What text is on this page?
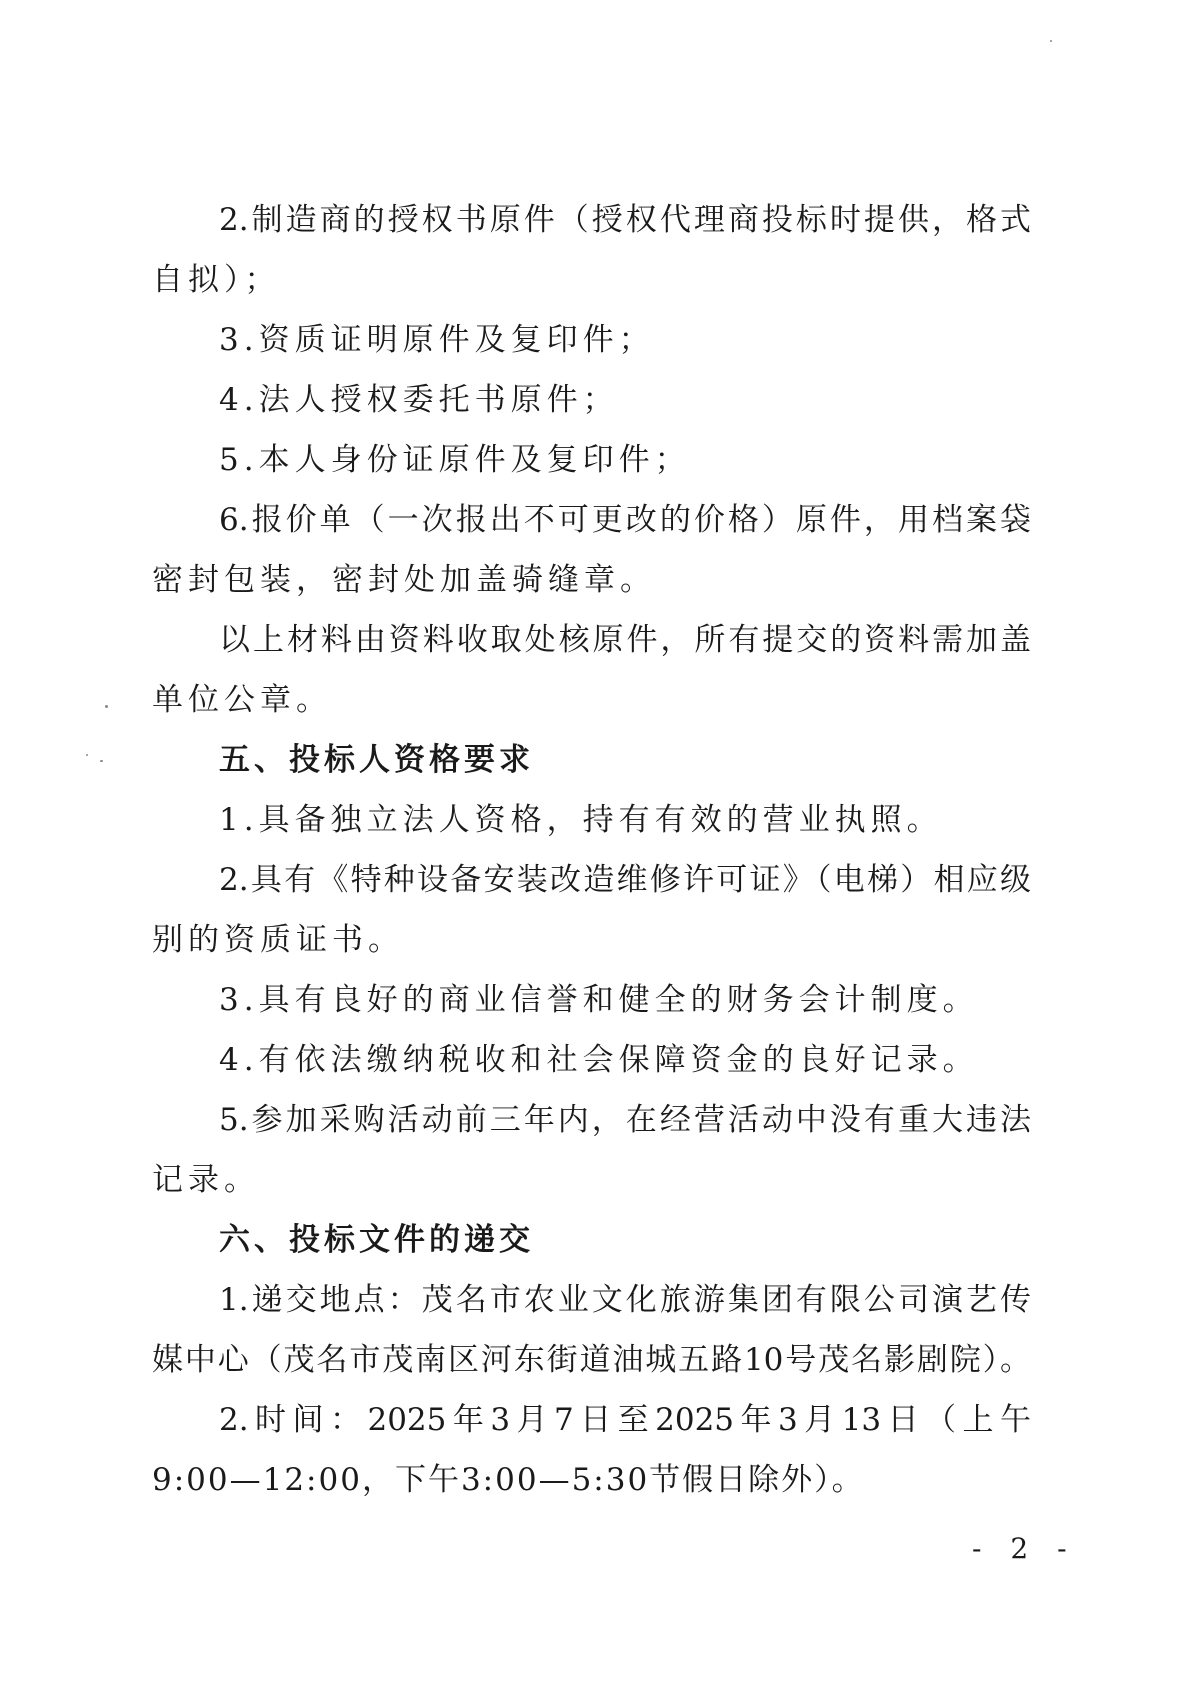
2.制造商的授权书原件（授权代理商投标时提供，格式
自拟）；
3.资质证明原件及复印件；
4.法人授权委托书原件；
5.本人身份证原件及复印件；
6.报价单（一次报出不可更改的价格）原件，用档案袋
密封包装，密封处加盖骑缝章。
以上材料由资料收取处核原件，所有提交的资料需加盖
单位公章。
五、投标人资格要求
1.具备独立法人资格，持有有效的营业执照。
2.具有《特种设备安装改造维修许可证》（电梯）相应级
别的资质证书。
3.具有良好的商业信誉和健全的财务会计制度。
4.有依法缴纳税收和社会保障资金的良好记录。
5.参加采购活动前三年内，在经营活动中没有重大违法
记录。
六、投标文件的递交
1.递交地点：茂名市农业文化旅游集团有限公司演艺传
媒中心（茂名市茂南区河东街道油城五路10号茂名影剧院）。
2.时间：2025年3月7日至2025年3月13日（上午
9:00—12:00，下午3:00—5:30节假日除外）。
- 2 -
